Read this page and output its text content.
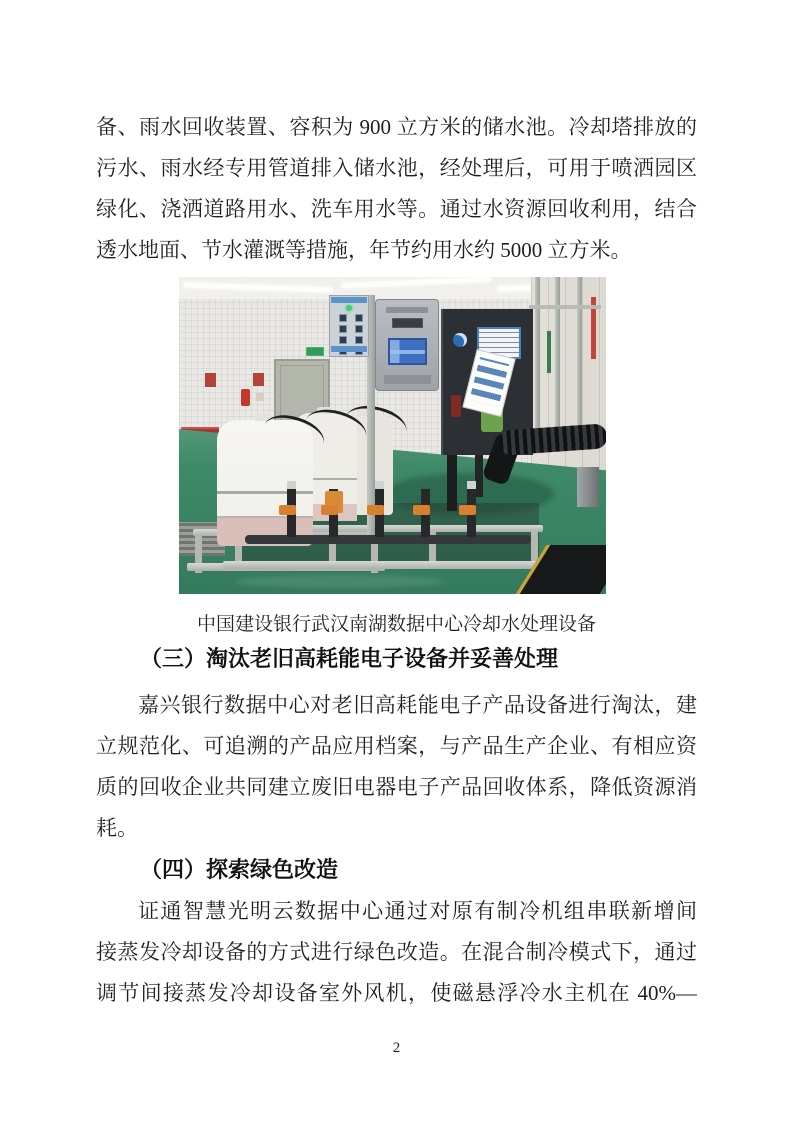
备、雨水回收装置、容积为 900 立方米的储水池。冷却塔排放的
污水、雨水经专用管道排入储水池，经处理后，可用于喷洒园区
绿化、浇洒道路用水、洗车用水等。通过水资源回收利用，结合
透水地面、节水灌溉等措施，年节约用水约 5000 立方米。
中国建设银行武汉南湖数据中心冷却水处理设备
（三）淘汰老旧高耗能电子设备并妥善处理
嘉兴银行数据中心对老旧高耗能电子产品设备进行淘汰，建
立规范化、可追溯的产品应用档案，与产品生产企业、有相应资
质的回收企业共同建立废旧电器电子产品回收体系，降低资源消
耗。
（四）探索绿色改造
证通智慧光明云数据中心通过对原有制冷机组串联新增间
接蒸发冷却设备的方式进行绿色改造。在混合制冷模式下，通过
调节间接蒸发冷却设备室外风机，使磁悬浮冷水主机在 40%—
2
